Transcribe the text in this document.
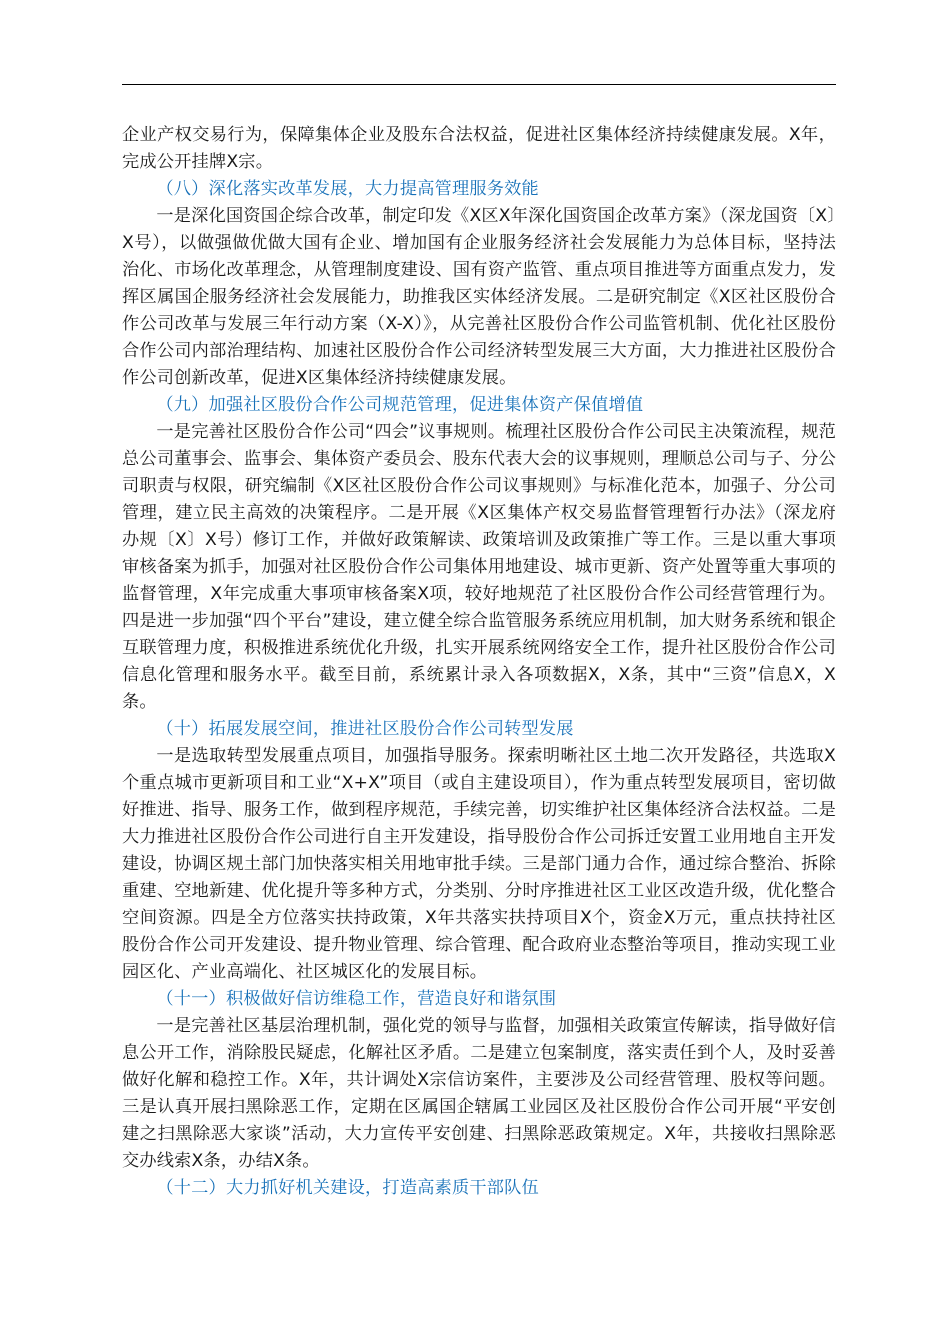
企业产权交易行为，保障集体企业及股东合法权益，促进社区集体经济持续健康发展。X年，完成公开挂牌X宗。

（八）深化落实改革发展，大力提高管理服务效能

一是深化国资国企综合改革，制定印发《X区X年深化国资国企改革方案》（深龙国资〔X〕X号），以做强做优做大国有企业、增加国有企业服务经济社会发展能力为总体目标，坚持法治化、市场化改革理念，从管理制度建设、国有资产监管、重点项目推进等方面重点发力，发挥区属国企服务经济社会发展能力，助推我区实体经济发展。二是研究制定《X区社区股份合作公司改革与发展三年行动方案（X-X）》，从完善社区股份合作公司监管机制、优化社区股份合作公司内部治理结构、加速社区股份合作公司经济转型发展三大方面，大力推进社区股份合作公司创新改革，促进X区集体经济持续健康发展。

（九）加强社区股份合作公司规范管理，促进集体资产保值增值

一是完善社区股份合作公司“四会”议事规则。梳理社区股份合作公司民主决策流程，规范总公司董事会、监事会、集体资产委员会、股东代表大会的议事规则，理顺总公司与子、分公司职责与权限，研究编制《X区社区股份合作公司议事规则》与标准化范本，加强子、分公司管理，建立民主高效的决策程序。二是开展《X区集体产权交易监督管理暂行办法》（深龙府办规〔X〕X号）修订工作，并做好政策解读、政策培训及政策推广等工作。三是以重大事项审核备案为抓手，加强对社区股份合作公司集体用地建设、城市更新、资产处置等重大事项的监督管理，X年完成重大事项审核备案X项，较好地规范了社区股份合作公司经营管理行为。四是进一步加强“四个平台”建设，建立健全综合监管服务系统应用机制，加大财务系统和银企互联管理力度，积极推进系统优化升级，扎实开展系统网络安全工作，提升社区股份合作公司信息化管理和服务水平。截至目前，系统累计录入各项数据X，X条，其中“三资”信息X，X条。

（十）拓展发展空间，推进社区股份合作公司转型发展

一是选取转型发展重点项目，加强指导服务。探索明晰社区土地二次开发路径，共选取X个重点城市更新项目和工业“X+X”项目（或自主建设项目），作为重点转型发展项目，密切做好推进、指导、服务工作，做到程序规范，手续完善，切实维护社区集体经济合法权益。二是大力推进社区股份合作公司进行自主开发建设，指导股份合作公司拆迁安置工业用地自主开发建设，协调区规土部门加快落实相关用地审批手续。三是部门通力合作，通过综合整治、拆除重建、空地新建、优化提升等多种方式，分类别、分时序推进社区工业区改造升级，优化整合空间资源。四是全方位落实扶持政策，X年共落实扶持项目X个，资金X万元，重点扶持社区股份合作公司开发建设、提升物业管理、综合管理、配合政府业态整治等项目，推动实现工业园区化、产业高端化、社区城区化的发展目标。

（十一）积极做好信访维稳工作，营造良好和谐氛围

一是完善社区基层治理机制，强化党的领导与监督，加强相关政策宣传解读，指导做好信息公开工作，消除股民疑虑，化解社区矛盾。二是建立包案制度，落实责任到个人，及时妥善做好化解和稳控工作。X年，共计调处X宗信访案件，主要涉及公司经营管理、股权等问题。三是认真开展扫黑除恶工作，定期在区属国企辖属工业园区及社区股份合作公司开展“平安创建之扫黑除恶大家谈”活动，大力宣传平安创建、扫黑除恶政策规定。X年，共接收扫黑除恶交办线索X条，办结X条。

（十二）大力抓好机关建设，打造高素质干部队伍
